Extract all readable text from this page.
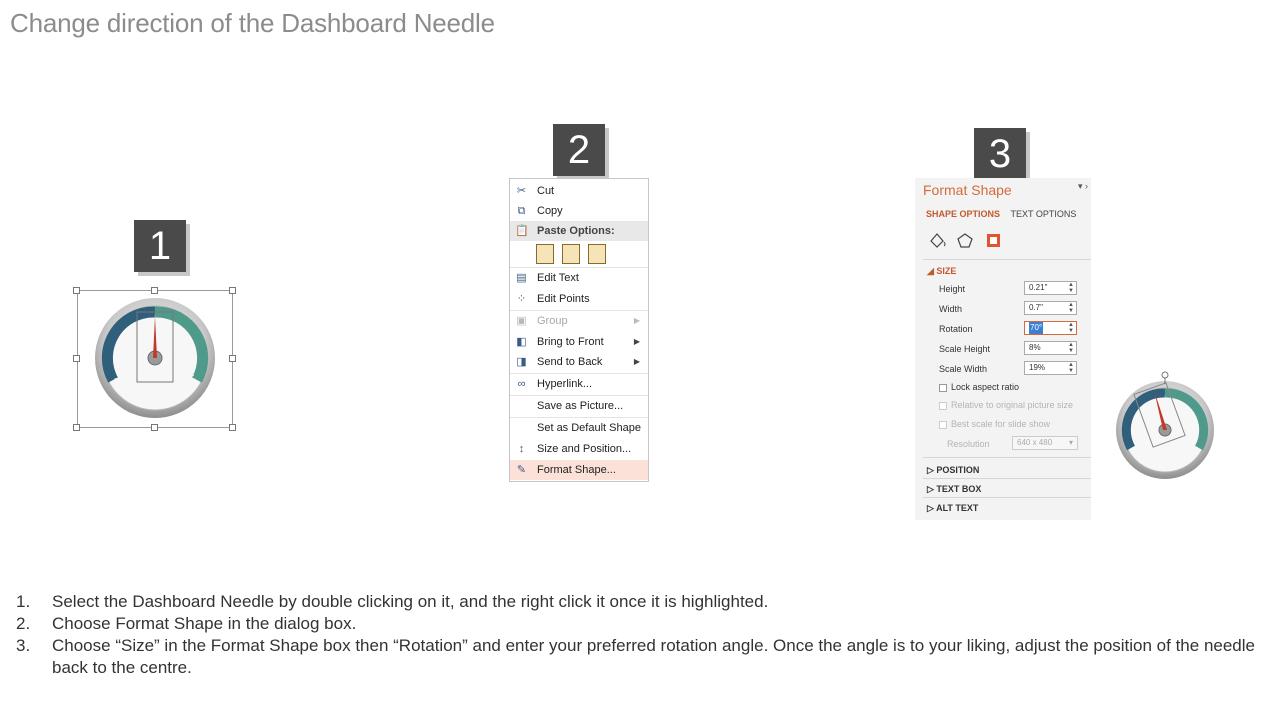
Change direction of the Dashboard Needle
1
2
✂ Cut
⧉ Copy
📋 Paste Options:
▤ Edit Text
⁘ Edit Points
▣ Group	▶
◧ Bring to Front	▶
◨ Send to Back	▶
∞ Hyperlink...
Save as Picture...
Set as Default Shape
↕	Size and Position...
✎ Format Shape...
3
Format Shape	▾ ›
SHAPE OPTIONS TEXT OPTIONS
◢ SIZE
Height	0.21"	▲
▼
Width	0.7"	▲
▼
Rotation	70°	▲
▼
Scale Height	8%	▲
▼
Scale Width	19%	▲
▼
Lock aspect ratio
Relative to original picture size
Best scale for slide show
Resolution	640 x 480 ▾
▷ POSITION
▷ TEXT BOX
▷ ALT TEXT
1. Select the Dashboard Needle by double clicking on it, and the right click it once it is highlighted.
2. Choose Format Shape in the dialog box.
3. Choose “Size” in the Format Shape box then “Rotation” and enter your preferred rotation angle. Once the angle is to your liking, adjust the position of the needle back to the centre.
